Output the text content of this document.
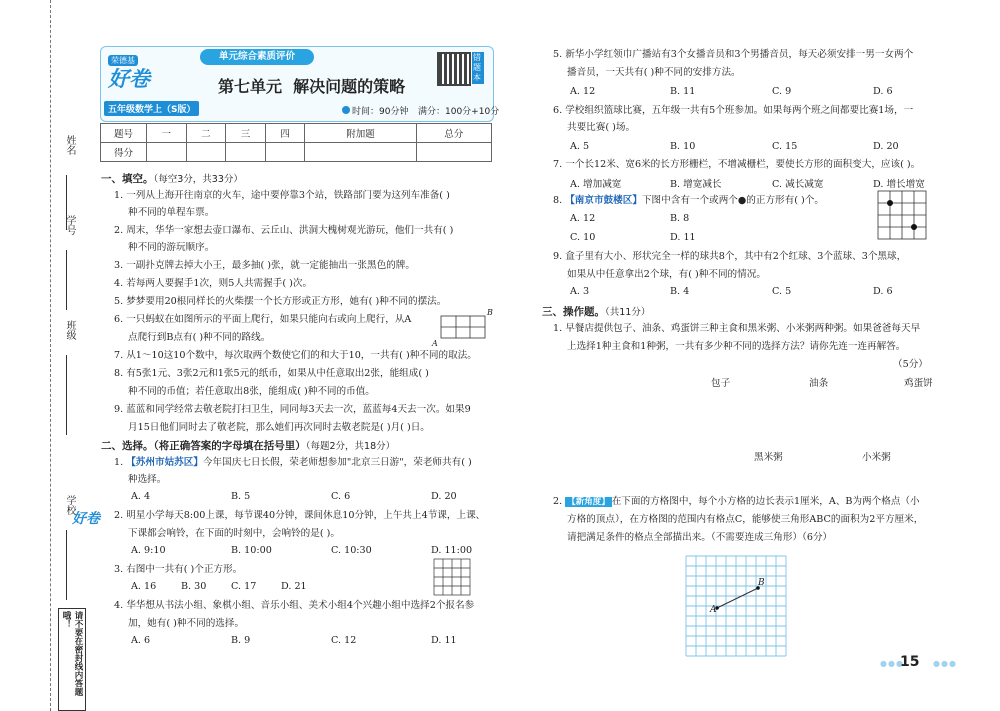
姓名
学号
班级
学校
请不要在密封线内答题哦！
荣德基
好卷
单元综合素质评价
五年级数学上（S版）
第七单元  解决问题的策略
时间：90分钟 满分：100分+10分
错题本
题号	一	二	三	四	附加题	总分
得分						
一、填空。（每空3分，共33分）
1. 一列从上海开往南京的火车，途中要停靠3个站，铁路部门要为这列车准备( )
种不同的单程车票。
2. 周末，华华一家想去壶口瀑布、云丘山、洪洞大槐树观光游玩，他们一共有( )
种不同的游玩顺序。
3. 一副扑克牌去掉大小王，最多抽( )张，就一定能抽出一张黑色的牌。
4. 若每两人要握手1次，则5人共需握手( )次。
5. 梦梦要用20根同样长的火柴摆一个长方形或正方形，她有( )种不同的摆法。
6. 一只蚂蚁在如图所示的平面上爬行，如果只能向右或向上爬行，从A
点爬行到B点有( )种不同的路线。
A
B
7. 从1～10这10个数中，每次取两个数使它们的和大于10，一共有( )种不同的取法。
8. 有5张1元、3张2元和1张5元的纸币，如果从中任意取出2张，能组成( )
种不同的币值；若任意取出8张，能组成( )种不同的币值。
9. 蓝蓝和同学经常去敬老院打扫卫生，同同每3天去一次，蓝蓝每4天去一次。如果9
月15日他们同时去了敬老院，那么她们再次同时去敬老院是( )月( )日。
二、选择。（将正确答案的字母填在括号里）（每题2分，共18分）
1. 【苏州市姑苏区】今年国庆七日长假，荣老师想参加"北京三日游"，荣老师共有( )
种选择。
A. 4	B. 5	C. 6	D. 20
好卷 2. 明星小学每天8:00上课，每节课40分钟，课间休息10分钟，上午共上4节课，上课、
下课都会响铃，在下面的时刻中，会响铃的是( )。
A. 9:10	B. 10:00	C. 10:30	D. 11:00
3. 右图中一共有( )个正方形。
A. 16	B. 30	C. 17	D. 21
4. 华华想从书法小组、象棋小组、音乐小组、美术小组4个兴趣小组中选择2个报名参
加，她有( )种不同的选择。
A. 6	B. 9	C. 12	D. 11
5. 新华小学红领巾广播站有3个女播音员和3个男播音员，每天必须安排一男一女两个
播音员，一天共有( )种不同的安排方法。
A. 12	B. 11	C. 9	D. 6
6. 学校组织篮球比赛，五年级一共有5个班参加。如果每两个班之间都要比赛1场，一
共要比赛( )场。
A. 5	B. 10	C. 15	D. 20
7. 一个长12米、宽6米的长方形栅栏，不增减栅栏，要使长方形的面积变大，应该( )。
A. 增加减宽	B. 增宽减长	C. 减长减宽	D. 增长增宽
8. 【南京市鼓楼区】下图中含有一个或两个●的正方形有( )个。
A. 12	B. 8
C. 10	D. 11
9. 盒子里有大小、形状完全一样的球共8个，其中有2个红球、3个蓝球、3个黑球，
如果从中任意拿出2个球，有( )种不同的情况。
A. 3	B. 4	C. 5	D. 6
三、操作题。（共11分）
1. 早餐店提供包子、油条、鸡蛋饼三种主食和黑米粥、小米粥两种粥。如果爸爸每天早
上选择1种主食和1种粥，一共有多少种不同的选择方法？请你先连一连再解答。
（5分）
包子	油条	鸡蛋饼
黑米粥	小米粥
2. 【新角度】 在下面的方格图中，每个小方格的边长表示1厘米，A、B为两个格点（小
方格的顶点），在方格图的范围内有格点C，能够使三角形ABC的面积为2平方厘米，
请把满足条件的格点全部描出来。（不需要连成三角形）（6分）
A
B
●●●	●●●
15
